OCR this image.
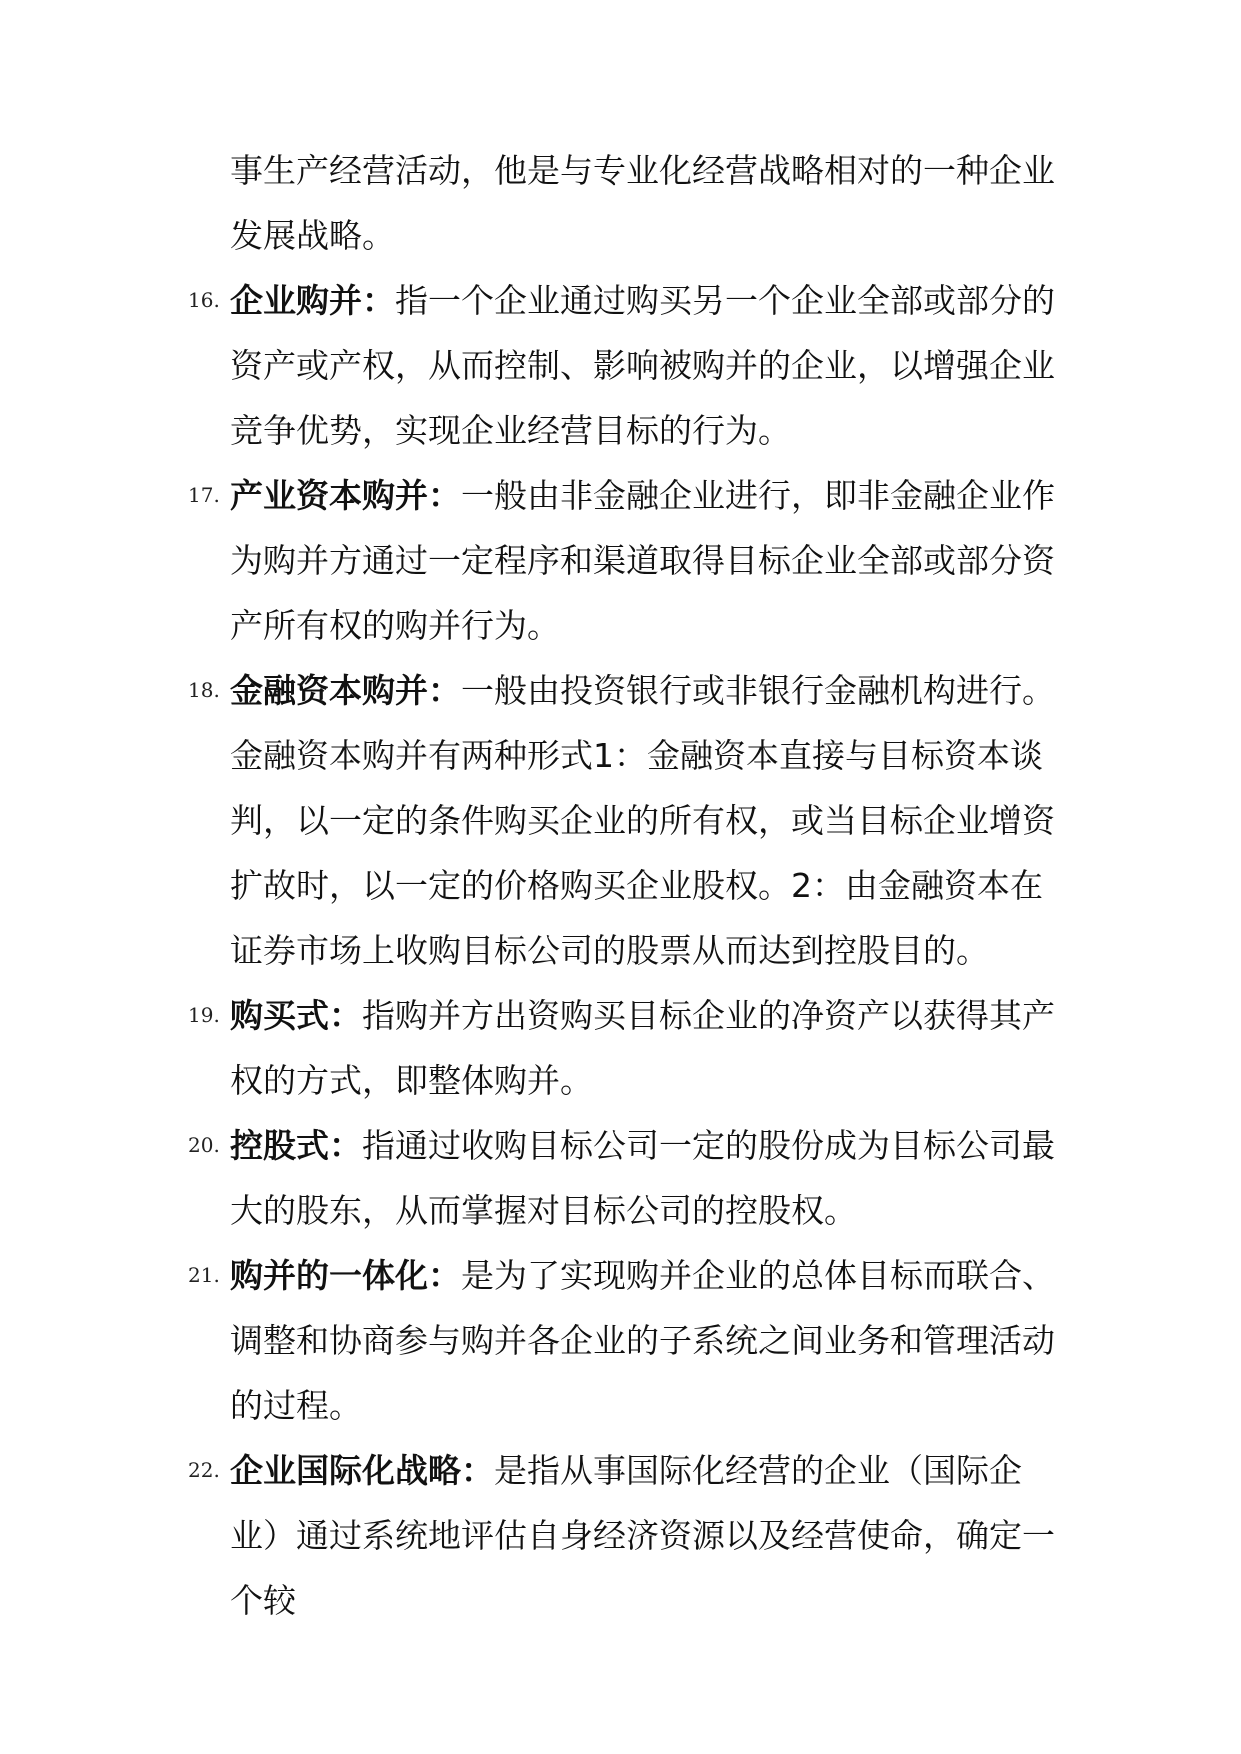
事生产经营活动，他是与专业化经营战略相对的一种企业发展战略。

16. 企业购并：指一个企业通过购买另一个企业全部或部分的资产或产权，从而控制、影响被购并的企业，以增强企业竞争优势，实现企业经营目标的行为。
17. 产业资本购并：一般由非金融企业进行，即非金融企业作为购并方通过一定程序和渠道取得目标企业全部或部分资产所有权的购并行为。
18. 金融资本购并：一般由投资银行或非银行金融机构进行。金融资本购并有两种形式1：金融资本直接与目标资本谈判，以一定的条件购买企业的所有权，或当目标企业增资扩故时，以一定的价格购买企业股权。2：由金融资本在证券市场上收购目标公司的股票从而达到控股目的。
19. 购买式：指购并方出资购买目标企业的净资产以获得其产权的方式，即整体购并。
20. 控股式：指通过收购目标公司一定的股份成为目标公司最大的股东，从而掌握对目标公司的控股权。
21. 购并的一体化：是为了实现购并企业的总体目标而联合、调整和协商参与购并各企业的子系统之间业务和管理活动的过程。
22. 企业国际化战略：是指从事国际化经营的企业（国际企业）通过系统地评估自身经济资源以及经营使命，确定一个较
